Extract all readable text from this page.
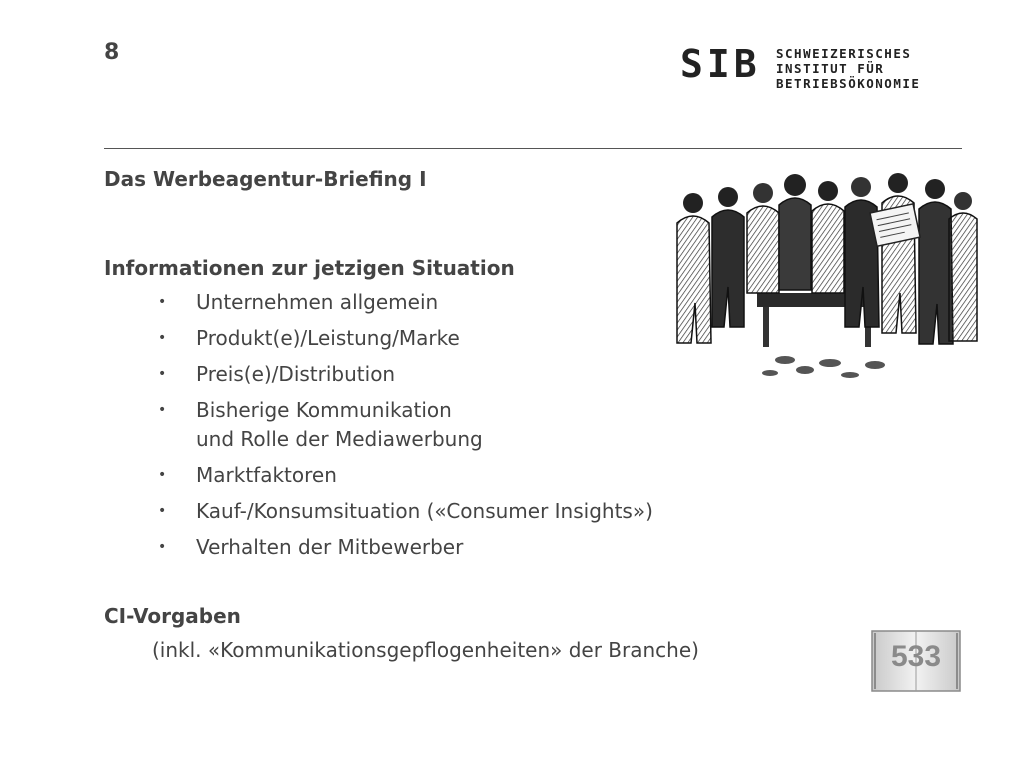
8	SIB SCHWEIZERISCHES
INSTITUT FÜR
BETRIEBSÖKONOMIE
Das Werbeagentur-Briefing I
Informationen zur jetzigen Situation
• Unternehmen allgemein
• Produkt(e)/Leistung/Marke
• Preis(e)/Distribution
• Bisherige Kommunikation
und Rolle der Mediawerbung
• Marktfaktoren
• Kauf-/Konsumsituation («Consumer Insights»)
• Verhalten der Mitbewerber
CI-Vorgaben
(inkl. «Kommunikationsgepflogenheiten» der Branche)	533
